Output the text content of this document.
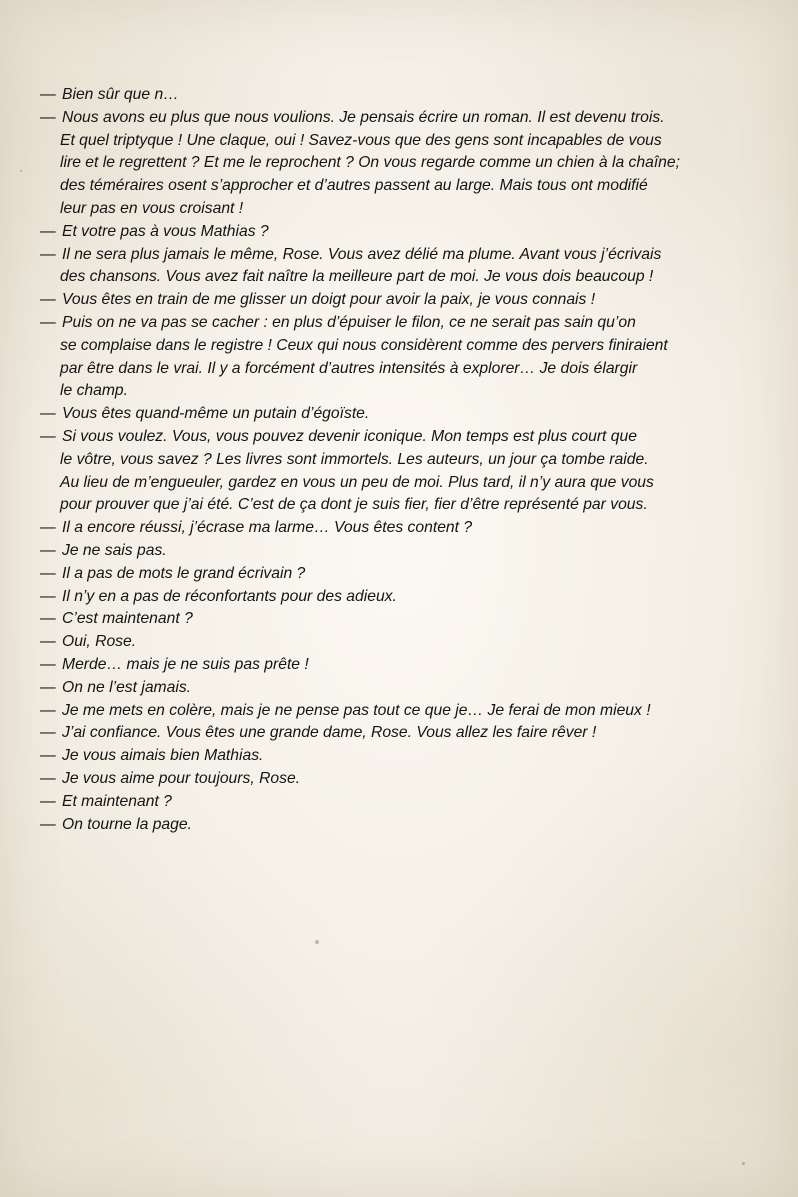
— Bien sûr que n…
— Nous avons eu plus que nous voulions. Je pensais écrire un roman. Il est devenu trois.
Et quel triptyque ! Une claque, oui ! Savez-vous que des gens sont incapables de vous
lire et le regrettent ? Et me le reprochent ? On vous regarde comme un chien à la chaîne;
des téméraires osent s’approcher et d’autres passent au large. Mais tous ont modifié
leur pas en vous croisant !
— Et votre pas à vous Mathias ?
— Il ne sera plus jamais le même, Rose. Vous avez délié ma plume. Avant vous j’écrivais
des chansons. Vous avez fait naître la meilleure part de moi. Je vous dois beaucoup !
— Vous êtes en train de me glisser un doigt pour avoir la paix, je vous connais !
— Puis on ne va pas se cacher : en plus d’épuiser le filon, ce ne serait pas sain qu’on
se complaise dans le registre ! Ceux qui nous considèrent comme des pervers finiraient
par être dans le vrai. Il y a forcément d’autres intensités à explorer… Je dois élargir
le champ.
— Vous êtes quand-même un putain d’égoïste.
— Si vous voulez. Vous, vous pouvez devenir iconique. Mon temps est plus court que
le vôtre, vous savez ? Les livres sont immortels. Les auteurs, un jour ça tombe raide.
Au lieu de m’engueuler, gardez en vous un peu de moi. Plus tard, il n’y aura que vous
pour prouver que j’ai été. C’est de ça dont je suis fier, fier d’être représenté par vous.
— Il a encore réussi, j’écrase ma larme… Vous êtes content ?
— Je ne sais pas.
— Il a pas de mots le grand écrivain ?
— Il n’y en a pas de réconfortants pour des adieux.
— C’est maintenant ?
— Oui, Rose.
— Merde… mais je ne suis pas prête !
— On ne l’est jamais.
— Je me mets en colère, mais je ne pense pas tout ce que je… Je ferai de mon mieux !
— J’ai confiance. Vous êtes une grande dame, Rose. Vous allez les faire rêver !
— Je vous aimais bien Mathias.
— Je vous aime pour toujours, Rose.
— Et maintenant ?
— On tourne la page.
